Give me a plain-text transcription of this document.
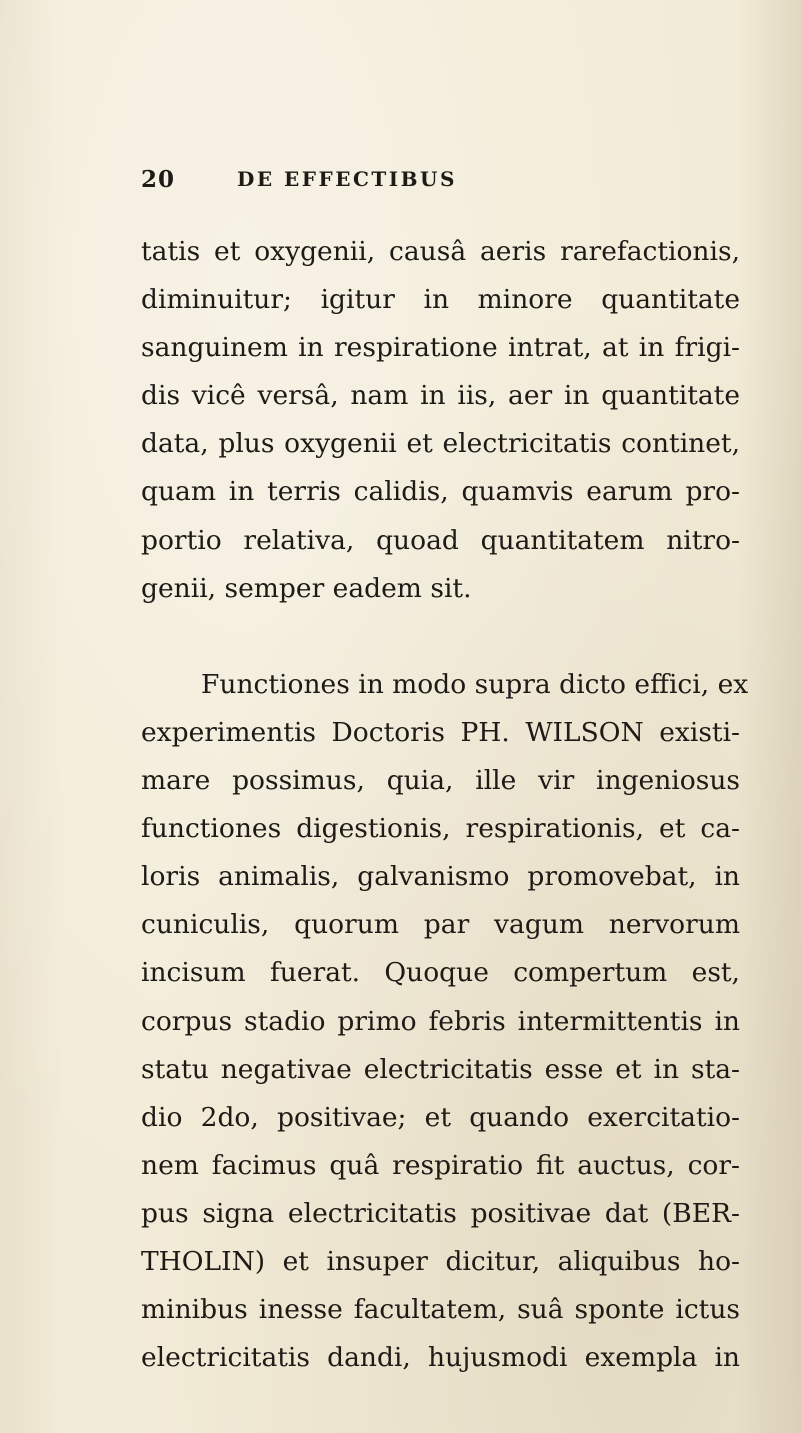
20	DE EFFECTIBUS
tatis et oxygenii, causâ aeris rarefactionis,
diminuitur; igitur in minore quantitate
sanguinem in respiratione intrat, at in frigi-
dis vicê versâ, nam in iis, aer in quantitate
data, plus oxygenii et electricitatis continet,
quam in terris calidis, quamvis earum pro-
portio relativa, quoad quantitatem nitro-
genii, semper eadem sit.
Functiones in modo supra dicto effici, ex
experimentis Doctoris PH. WILSON existi-
mare possimus, quia, ille vir ingeniosus
functiones digestionis, respirationis, et ca-
loris animalis, galvanismo promovebat, in
cuniculis, quorum par vagum nervorum
incisum fuerat. Quoque compertum est,
corpus stadio primo febris intermittentis in
statu negativae electricitatis esse et in sta-
dio 2do, positivae; et quando exercitatio-
nem facimus quâ respiratio fit auctus, cor-
pus signa electricitatis positivae dat (BER-
THOLIN) et insuper dicitur, aliquibus ho-
minibus inesse facultatem, suâ sponte ictus
electricitatis dandi, hujusmodi exempla in
